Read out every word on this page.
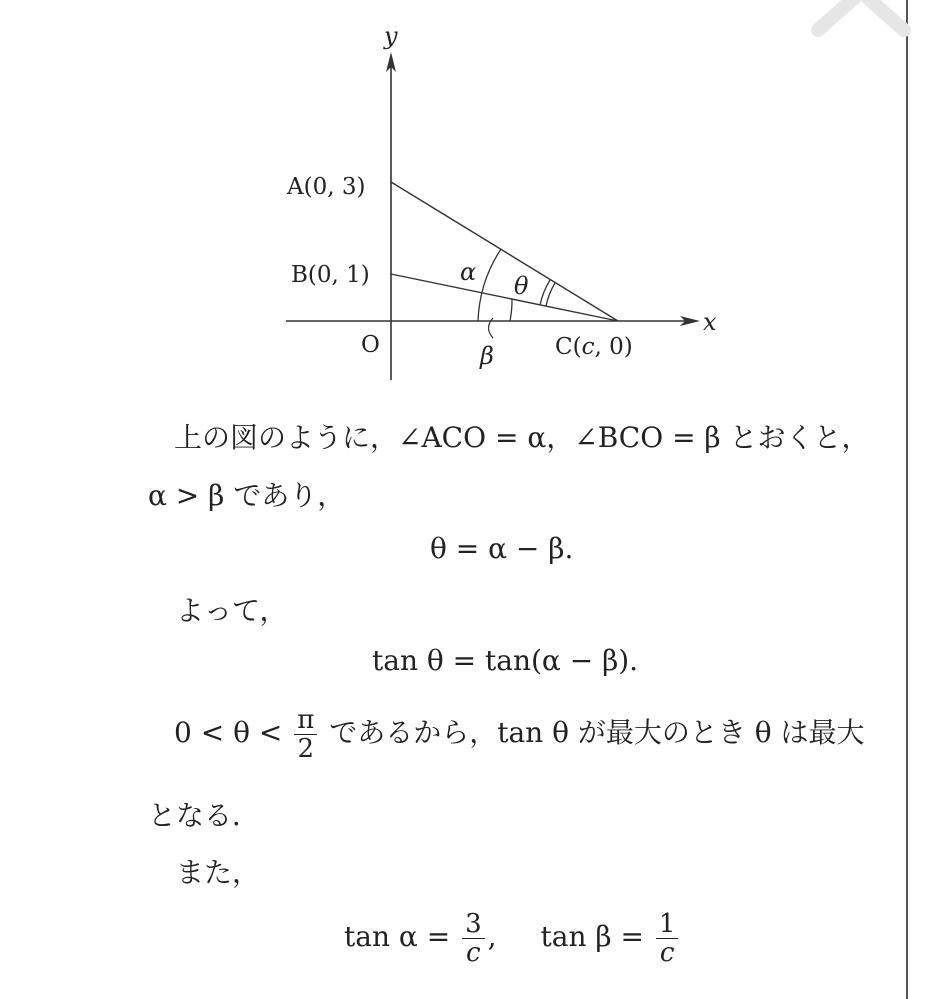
y
x
O
A(0, 3)
B(0, 1)
C(c, 0)
α θ
β
上の図のように，∠ACO = α，∠BCO = β とおくと，
α > β であり，
θ = α − β.
よって，
tan θ = tan(α − β).
$0 < \theta < \frac{\pi}{2}$ であるから，tan θ が最大のとき θ は最大
となる．
また，
$\tan \alpha = \frac{3}{c}$ , $\tan \beta = \frac{1}{c}$
